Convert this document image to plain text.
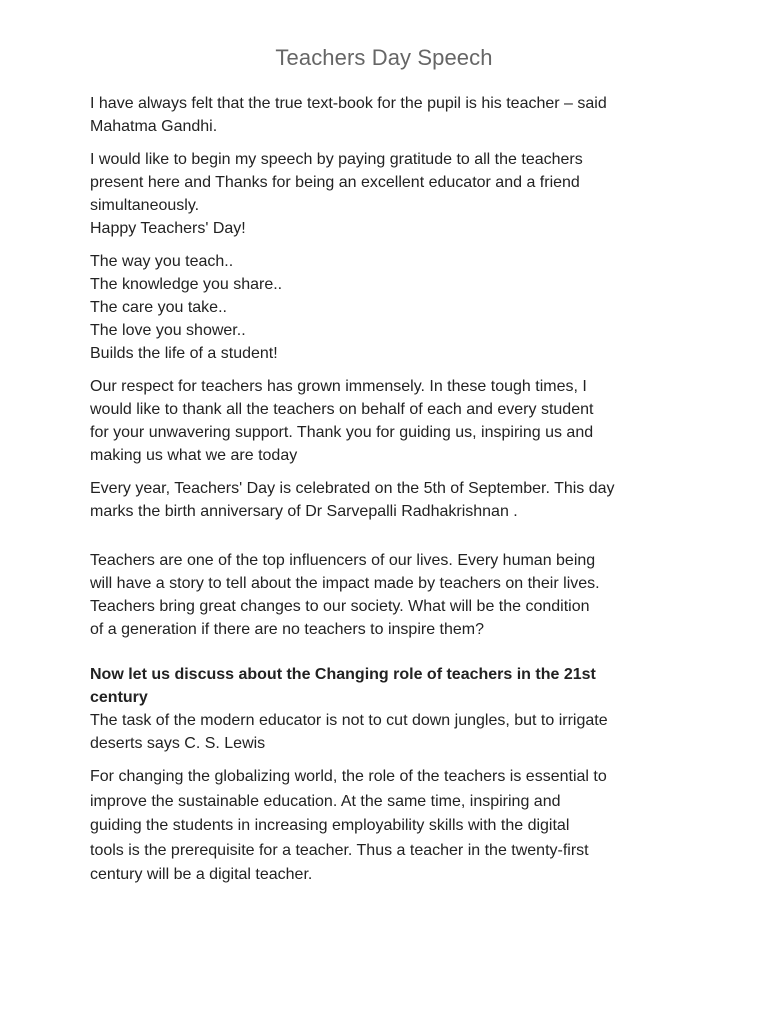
Teachers Day Speech
I have always felt that the true text-book for the pupil is his teacher – said
Mahatma Gandhi.
I would like to begin my speech by paying gratitude to all the teachers
present here and Thanks for being an excellent educator and a friend
simultaneously.
Happy Teachers' Day!
The way you teach..
The knowledge you share..
The care you take..
The love you shower..
Builds the life of a student!
Our respect for teachers has grown immensely. In these tough times, I
would like to thank all the teachers on behalf of each and every student
for your unwavering support. Thank you for guiding us, inspiring us and
making us what we are today
Every year, Teachers' Day is celebrated on the 5th of September. This day
marks the birth anniversary of Dr Sarvepalli Radhakrishnan .
Teachers are one of the top influencers of our lives. Every human being
will have a story to tell about the impact made by teachers on their lives.
Teachers bring great changes to our society. What will be the condition
of a generation if there are no teachers to inspire them?
Now let us discuss about the Changing role of teachers in the 21st
century
The task of the modern educator is not to cut down jungles, but to irrigate
deserts says C. S. Lewis
For changing the globalizing world, the role of the teachers is essential to
improve the sustainable education. At the same time, inspiring and
guiding the students in increasing employability skills with the digital
tools is the prerequisite for a teacher. Thus a teacher in the twenty-first
century will be a digital teacher.
